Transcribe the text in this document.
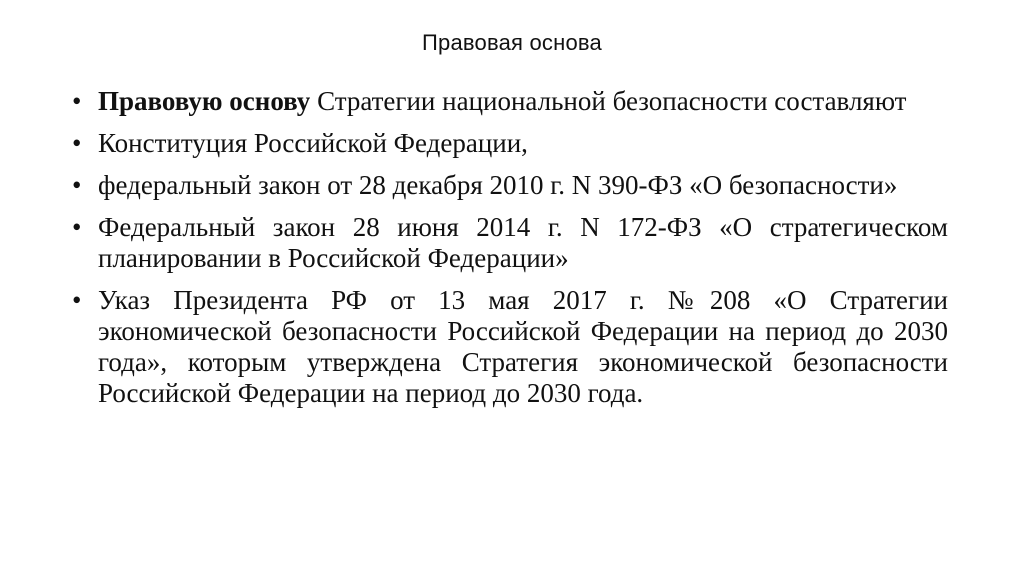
Правовая основа
• Правовую основу Стратегии национальной безопасности составляют
• Конституция Российской Федерации,
• федеральный закон от 28 декабря 2010 г. N 390-ФЗ «О безопасности»
• Федеральный закон 28 июня 2014 г. N 172-ФЗ «О стратегическом планировании в Российской Федерации»
• Указ Президента РФ от 13 мая 2017 г. №208 «О Стратегии экономической безопасности Российской Федерации на период до 2030 года», которым утверждена Стратегия экономической безопасности Российской Федерации на период до 2030 года.
